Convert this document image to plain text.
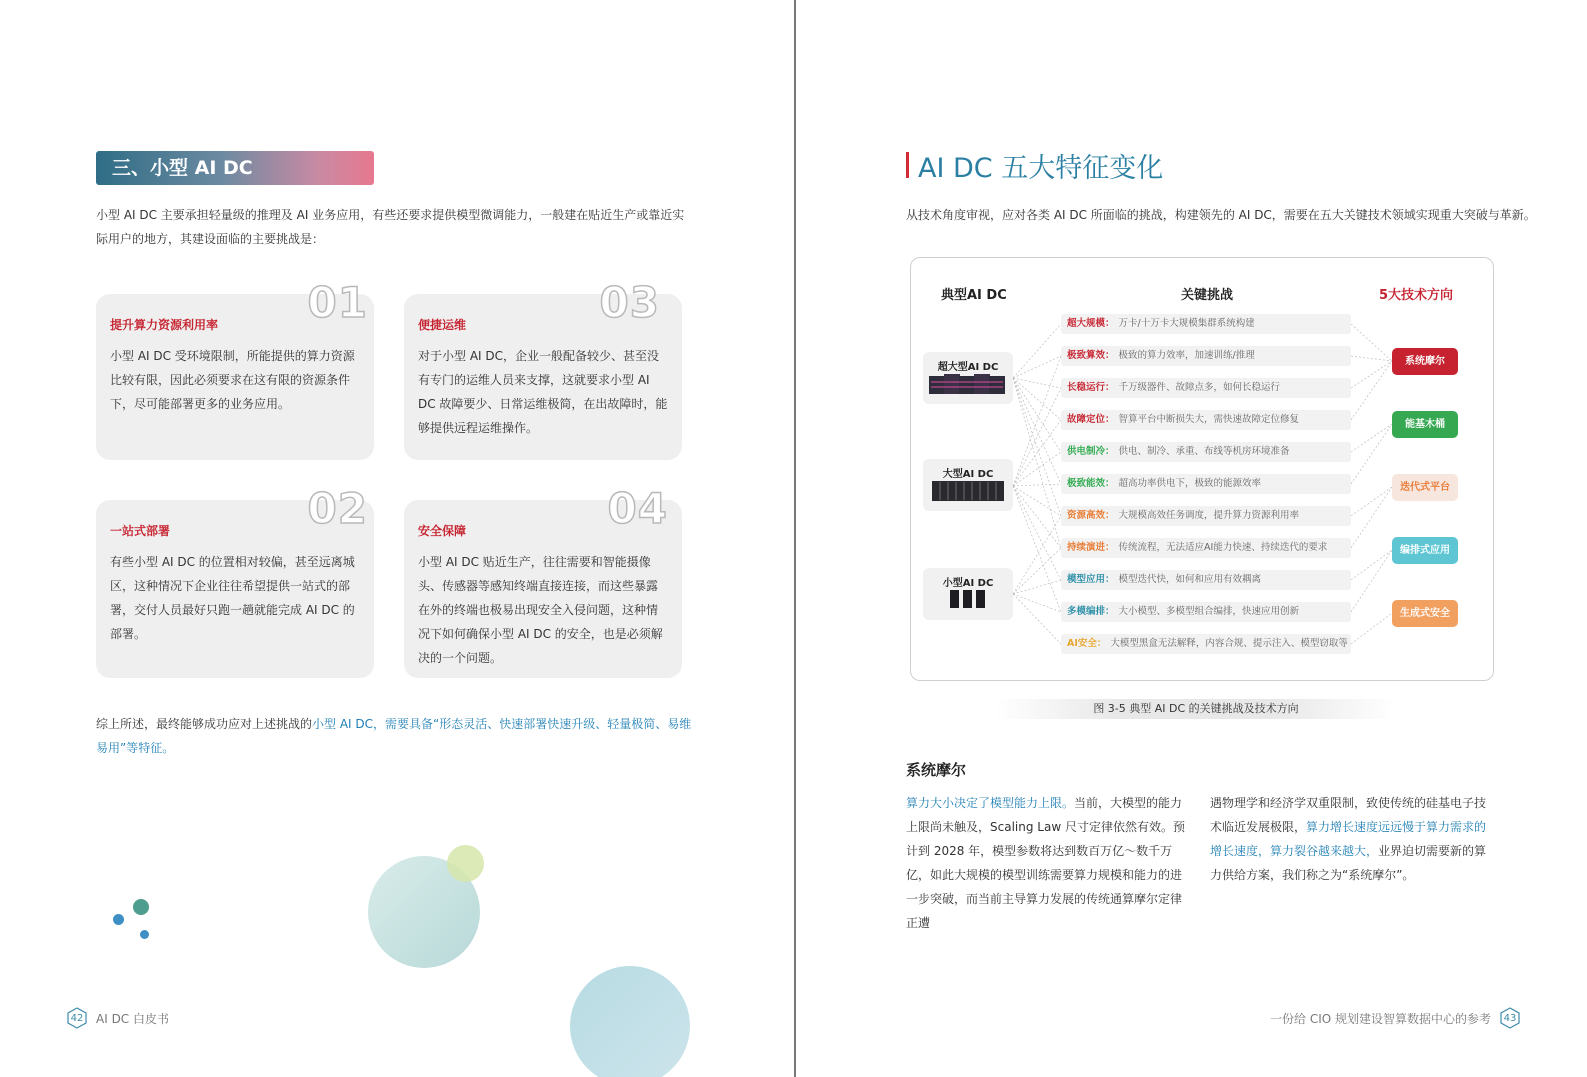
三、小型 AI DC

小型 AI DC 主要承担轻量级的推理及 AI 业务应用，有些还要求提供模型微调能力，一般建在贴近生产或靠近实际用户的地方，其建设面临的主要挑战是：

01
提升算力资源利用率
小型 AI DC 受环境限制，所能提供的算力资源比较有限，因此必须要求在这有限的资源条件下，尽可能部署更多的业务应用。
03
便捷运维
对于小型 AI DC，企业一般配备较少、甚至没有专门的运维人员来支撑，这就要求小型 AI DC 故障要少、日常运维极简，在出故障时，能够提供远程运维操作。
02
一站式部署
有些小型 AI DC 的位置相对较偏，甚至远离城区，这种情况下企业往往希望提供一站式的部署，交付人员最好只跑一趟就能完成 AI DC 的部署。
04
安全保障
小型 AI DC 贴近生产，往往需要和智能摄像头、传感器等感知终端直接连接，而这些暴露在外的终端也极易出现安全入侵问题，这种情况下如何确保小型 AI DC 的安全，也是必须解决的一个问题。

综上所述，最终能够成功应对上述挑战的小型 AI DC，需要具备“形态灵活、快速部署快速升级、轻量极简、易维易用”等特征。

42 AI DC 白皮书
AI DC 五大特征变化

从技术角度审视，应对各类 AI DC 所面临的挑战，构建领先的 AI DC，需要在五大关键技术领域实现重大突破与革新。

典型AI DC	关键挑战	5大技术方向
超大型AI DC
大型AI DC
小型AI DC
超大规模： 万卡/十万卡大规模集群系统构建
极致算效： 极致的算力效率，加速训练/推理
长稳运行： 千万级器件、故障点多，如何长稳运行
故障定位： 智算平台中断损失大，需快速故障定位修复
供电制冷： 供电、制冷、承重、布线等机房环境准备
极致能效： 超高功率供电下，极致的能源效率
资源高效： 大规模高效任务调度，提升算力资源利用率
持续演进： 传统流程，无法适应AI能力快速、持续迭代的要求
模型应用： 模型迭代快，如何和应用有效耦离
多模编排： 大小模型、多模型组合编排，快速应用创新
AI安全： 大模型黑盒无法解释，内容合规、提示注入、模型窃取等
系统摩尔
能基木桶
迭代式平台
编排式应用
生成式安全
图 3-5 典型 AI DC 的关键挑战及技术方向
系统摩尔

算力大小决定了模型能力上限。当前，大模型的能力上限尚未触及，Scaling Law 尺寸定律依然有效。预计到 2028 年，模型参数将达到数百万亿～数千万亿，如此大规模的模型训练需要算力规模和能力的进一步突破，而当前主导算力发展的传统通算摩尔定律正遭

遇物理学和经济学双重限制，致使传统的硅基电子技术临近发展极限，算力增长速度远远慢于算力需求的增长速度，算力裂谷越来越大，业界迫切需要新的算力供给方案，我们称之为“系统摩尔”。

一份给 CIO 规划建设智算数据中心的参考 43
